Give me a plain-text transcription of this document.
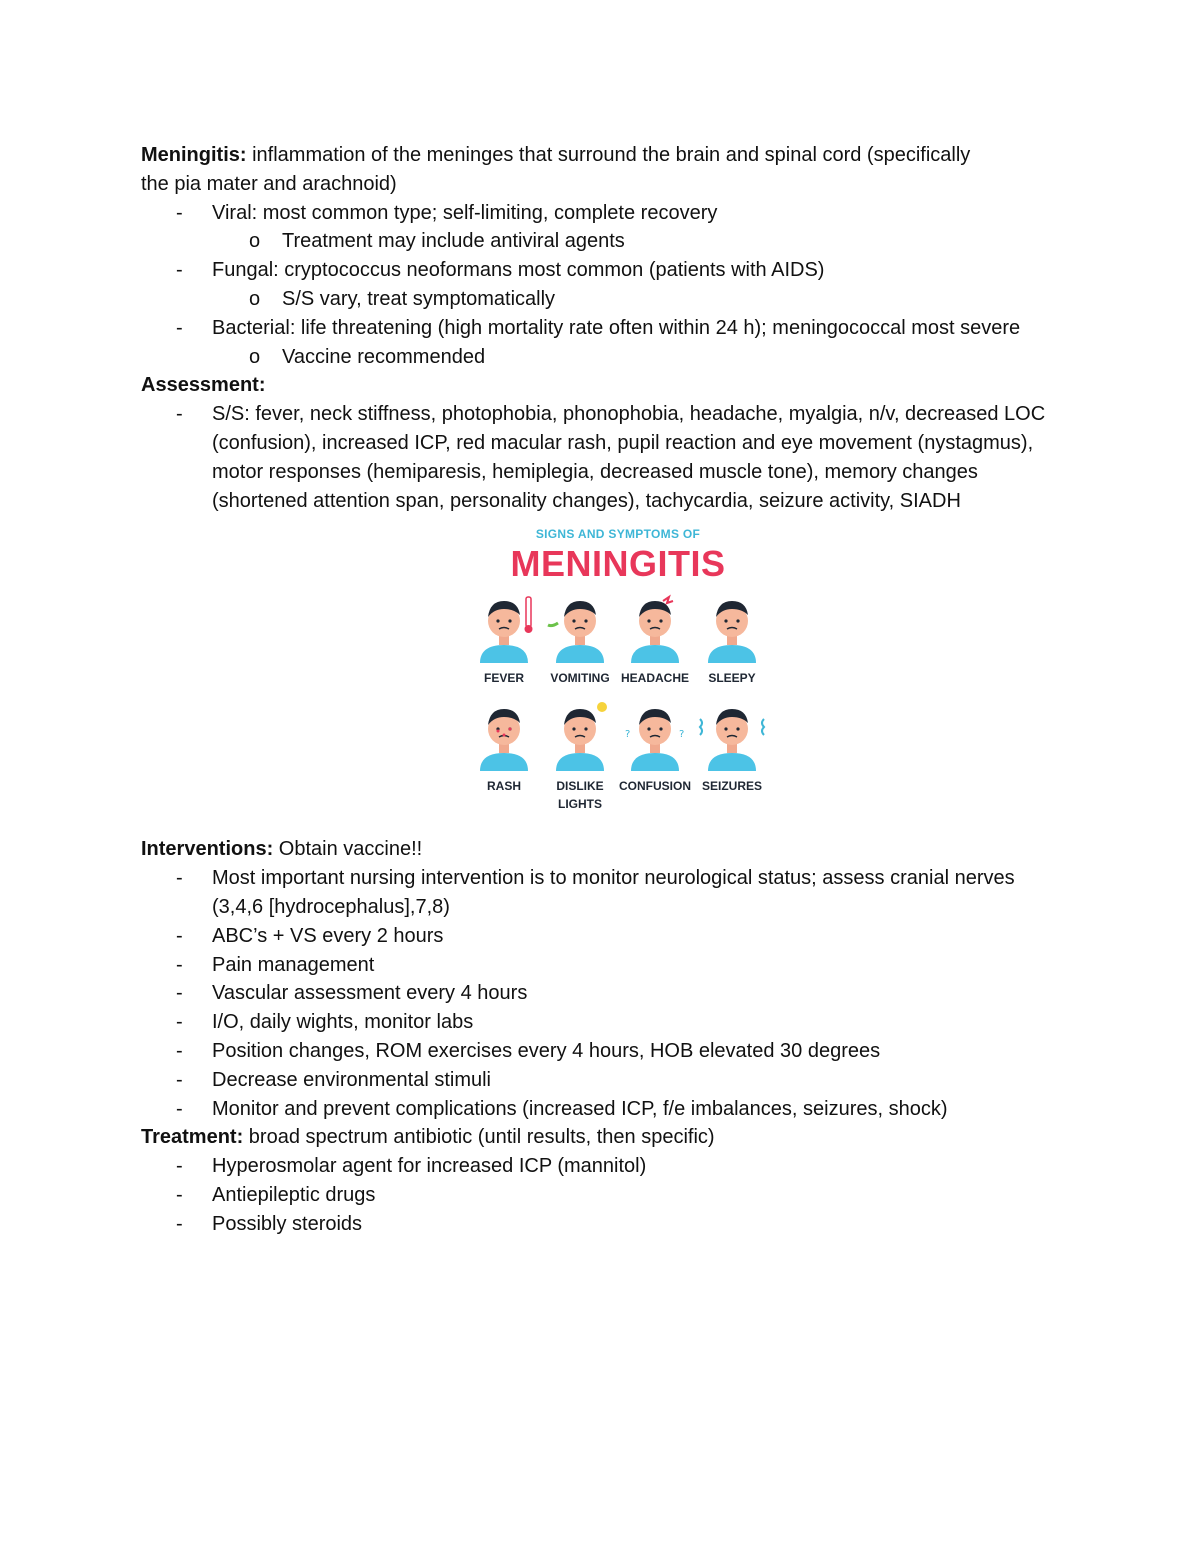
Meningitis: inflammation of the meninges that surround the brain and spinal cord (specifically
the pia mater and arachnoid)
- Viral: most common type; self-limiting, complete recovery
o Treatment may include antiviral agents
- Fungal: cryptococcus neoformans most common (patients with AIDS)
o S/S vary, treat symptomatically
- Bacterial: life threatening (high mortality rate often within 24 h); meningococcal most severe
o Vaccine recommended
Assessment:
- S/S: fever, neck stiffness, photophobia, phonophobia, headache, myalgia, n/v, decreased LOC (confusion), increased ICP, red macular rash, pupil reaction and eye movement (nystagmus), motor responses (hemiparesis, hemiplegia, decreased muscle tone), memory changes (shortened attention span, personality changes), tachycardia, seizure activity, SIADH
SIGNS AND SYMPTOMS OF
MENINGITIS
FEVER	VOMITING HEADACHE	SLEEPY
RASH	DISLIKE LIGHTS
?	?
CONFUSION SEIZURES
Interventions: Obtain vaccine!!
- Most important nursing intervention is to monitor neurological status; assess cranial nerves (3,4,6 [hydrocephalus],7,8)
- ABC’s + VS every 2 hours
- Pain management
- Vascular assessment every 4 hours
- I/O, daily wights, monitor labs
- Position changes, ROM exercises every 4 hours, HOB elevated 30 degrees
- Decrease environmental stimuli
- Monitor and prevent complications (increased ICP, f/e imbalances, seizures, shock)
Treatment: broad spectrum antibiotic (until results, then specific)
- Hyperosmolar agent for increased ICP (mannitol)
- Antiepileptic drugs
- Possibly steroids
